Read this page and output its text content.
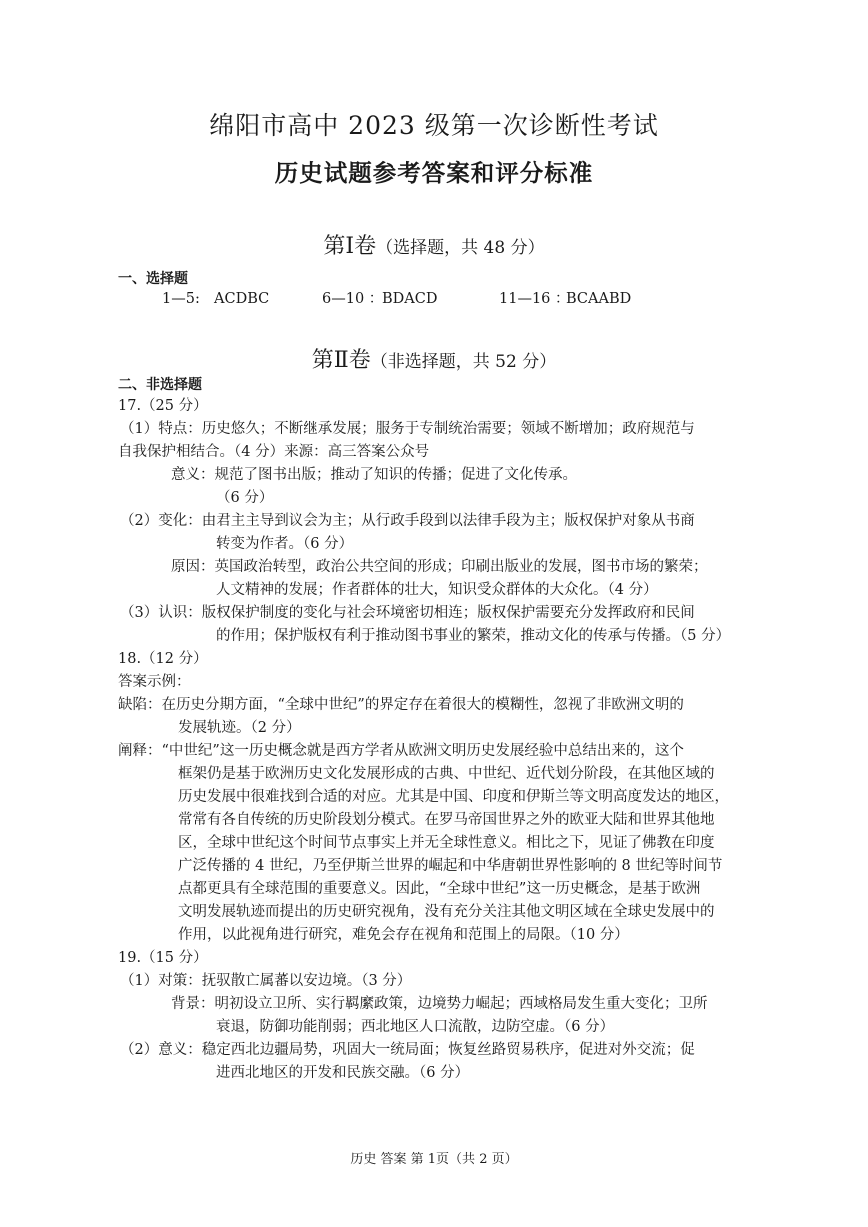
绵阳市高中 2023 级第一次诊断性考试
历史试题参考答案和评分标准
第Ⅰ卷（选择题，共 48 分）
一、选择题
1—5: ACDBC	6—10 ：
BDACD	11—16 ：
BCAABD
第Ⅱ卷（非选择题，共 52 分）
二、非选择题
17.（25 分）
（1）特点：历史悠久；不断继承发展；服务于专制统治需要；领域不断增加；政府规范与
自我保护相结合。（4 分）来源：高三答案公众号
意义：规范了图书出版；推动了知识的传播；促进了文化传承。
（6 分）
（2）变化：由君主主导到议会为主；从行政手段到以法律手段为主；版权保护对象从书商
转变为作者。（6 分）
原因：英国政治转型，政治公共空间的形成；印刷出版业的发展，图书市场的繁荣；
人文精神的发展；作者群体的壮大，知识受众群体的大众化。（4 分）
（3）认识：版权保护制度的变化与社会环境密切相连；版权保护需要充分发挥政府和民间
的作用；保护版权有利于推动图书事业的繁荣，推动文化的传承与传播。（5 分）
18.（12 分）
答案示例：
缺陷：在历史分期方面，“全球中世纪”的界定存在着很大的模糊性，忽视了非欧洲文明的
发展轨迹。（2 分）
阐释：“中世纪”这一历史概念就是西方学者从欧洲文明历史发展经验中总结出来的，这个
框架仍是基于欧洲历史文化发展形成的古典、中世纪、近代划分阶段，在其他区域的
历史发展中很难找到合适的对应。尤其是中国、印度和伊斯兰等文明高度发达的地区，
常常有各自传统的历史阶段划分模式。在罗马帝国世界之外的欧亚大陆和世界其他地
区，全球中世纪这个时间节点事实上并无全球性意义。相比之下，见证了佛教在印度
广泛传播的 4 世纪，乃至伊斯兰世界的崛起和中华唐朝世界性影响的 8 世纪等时间节
点都更具有全球范围的重要意义。因此，“全球中世纪”这一历史概念，是基于欧洲
文明发展轨迹而提出的历史研究视角，没有充分关注其他文明区域在全球史发展中的
作用，以此视角进行研究，难免会存在视角和范围上的局限。（10 分）
19.（15 分）
（1）对策：抚驭散亡属蕃以安边境。（3 分）
背景：明初设立卫所、实行羁縻政策，边境势力崛起；西域格局发生重大变化；卫所
衰退，防御功能削弱；西北地区人口流散，边防空虚。（6 分）
（2）意义：稳定西北边疆局势，巩固大一统局面；恢复丝路贸易秩序，促进对外交流；促
进西北地区的开发和民族交融。（6 分）
历史 答案 第 1页（共 2 页）
